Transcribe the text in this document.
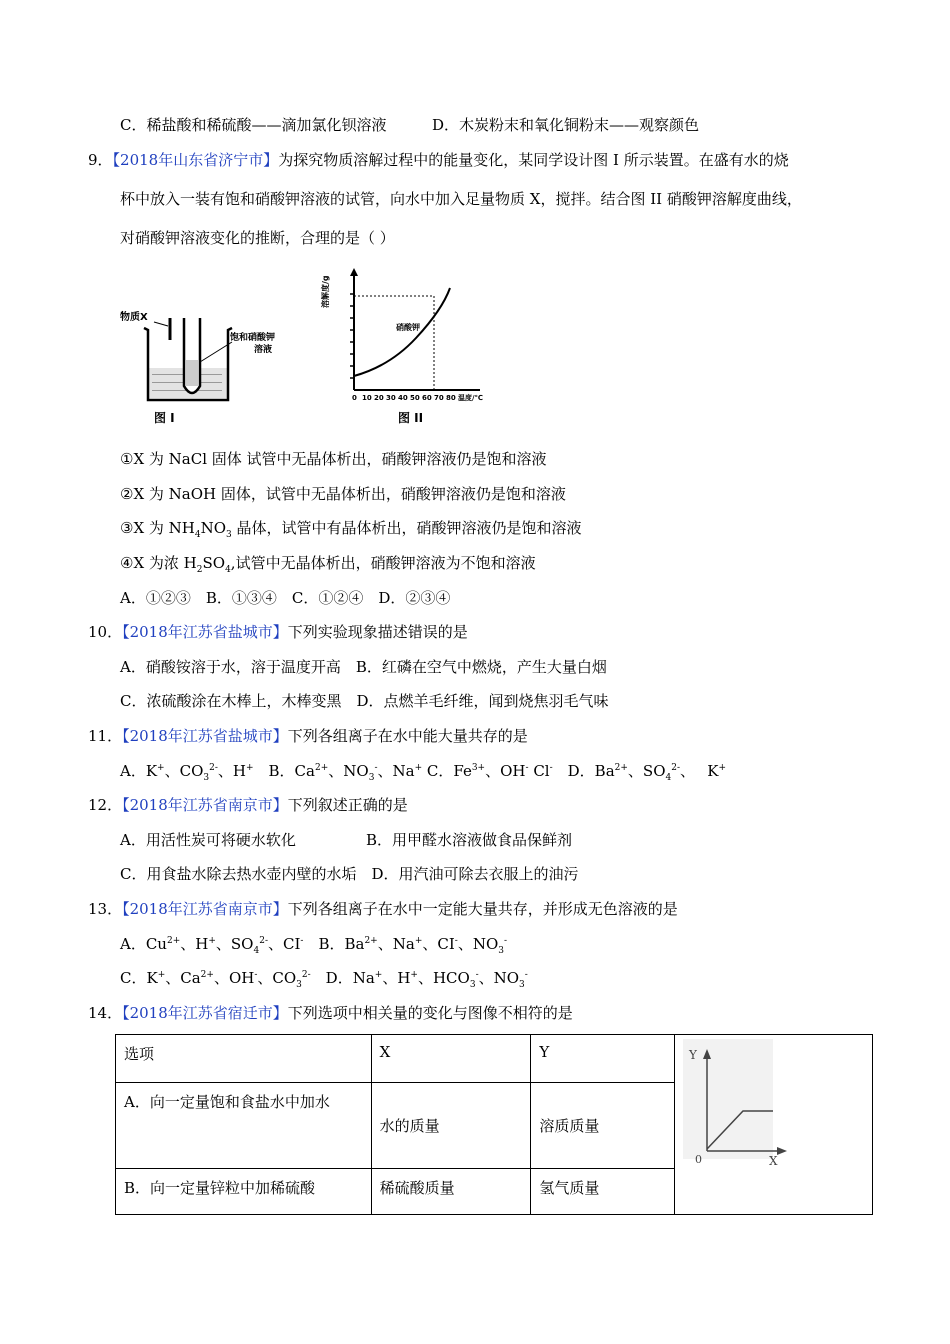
C．稀盐酸和稀硫酸——滴加氯化钡溶液	D．木炭粉末和氧化铜粉末——观察颜色
9．【2018年山东省济宁市】为探究物质溶解过程中的能量变化，某同学设计图 I 所示装置。在盛有水的烧
杯中放入一装有饱和硝酸钾溶液的试管，向水中加入足量物质 X，搅拌。结合图 II 硝酸钾溶解度曲线，
对硝酸钾溶液变化的推断，合理的是（ ）
物质X
饱和硝酸钾
溶液
图 I
溶解度/g
硝酸钾
0 10 20 30 40 50 60 70 80 温度/℃
图 II
①X 为 NaCl 固体 试管中无晶体析出，硝酸钾溶液仍是饱和溶液
②X 为 NaOH 固体，试管中无晶体析出，硝酸钾溶液仍是饱和溶液
③X 为 $NH_4NO_3$ 晶体，试管中有晶体析出，硝酸钾溶液仍是饱和溶液
④X 为浓 $H_2SO_4$,试管中无晶体析出，硝酸钾溶液为不饱和溶液
A．①②③　B．①③④　C．①②④　D．②③④
10．【2018年江苏省盐城市】下列实验现象描述错误的是
A．硝酸铵溶于水，溶于温度开高　B．红磷在空气中燃烧，产生大量白烟
C．浓硫酸涂在木棒上，木棒变黑　D．点燃羊毛纤维，闻到烧焦羽毛气味
11．【2018年江苏省盐城市】下列各组离子在水中能大量共存的是
A．K+、$CO_3^{2-}$、H+　B．$Ca^{2+}$、$NO_3^-$、Na+ C．$Fe^{3+}$、OH- Cl-　D．$Ba^{2+}$、$SO_4^{2-}$、　 K+
12．【2018年江苏省南京市】下列叙述正确的是
A．用活性炭可将硬水软化	B．用甲醛水溶液做食品保鲜剂
C．用食盐水除去热水壶内壁的水垢　D．用汽油可除去衣服上的油污
13．【2018年江苏省南京市】下列各组离子在水中一定能大量共存，并形成无色溶液的是
A．$Cu^{2+}$、H+、$SO_4^{2-}$、CI-　B．$Ba^{2+}$、Na+、CI-、$NO_3^-$
C．K+、$Ca^{2+}$、OH-、$CO_3^{2-}$　D．Na+、H+、$HCO_3^-$、$NO_3^-$
14．【2018年江苏省宿迁市】下列选项中相关量的变化与图像不相符的是
选项	X	Y	Y
0 X

A．向一定量饱和食盐水中加水	水的质量	溶质质量	
B．向一定量锌粒中加稀硫酸	稀硫酸质量	氢气质量	
